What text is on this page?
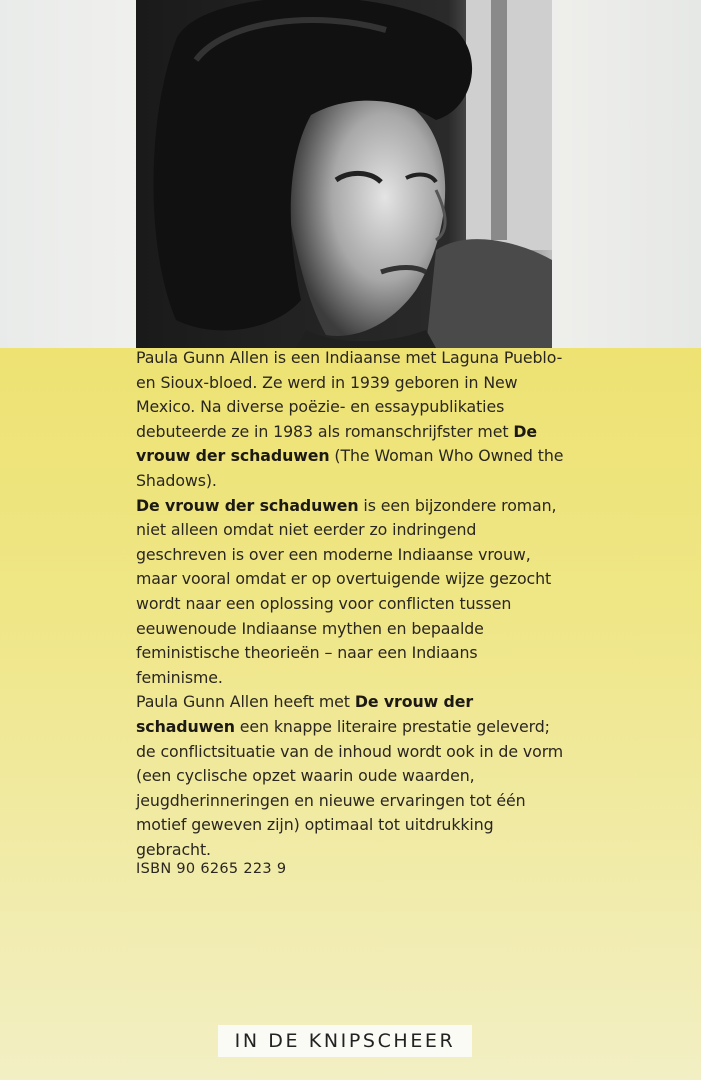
Paula Gunn Allen is een Indiaanse met Laguna Pueblo- en Sioux-bloed. Ze werd in 1939 geboren in New Mexico. Na diverse poëzie- en essaypublikaties debuteerde ze in 1983 als romanschrijfster met De vrouw der schaduwen (The Woman Who Owned the Shadows).

De vrouw der schaduwen is een bijzondere roman, niet alleen omdat niet eerder zo indringend geschreven is over een moderne Indiaanse vrouw, maar vooral omdat er op overtuigende wijze gezocht wordt naar een oplossing voor conflicten tussen eeuwenoude Indiaanse mythen en bepaalde feministische theorieën – naar een Indiaans feminisme.

Paula Gunn Allen heeft met De vrouw der schaduwen een knappe literaire prestatie geleverd; de conflictsituatie van de inhoud wordt ook in de vorm (een cyclische opzet waarin oude waarden, jeugdherinneringen en nieuwe ervaringen tot één motief geweven zijn) optimaal tot uitdrukking gebracht.

ISBN 90 6265 223 9
IN DE KNIPSCHEER
